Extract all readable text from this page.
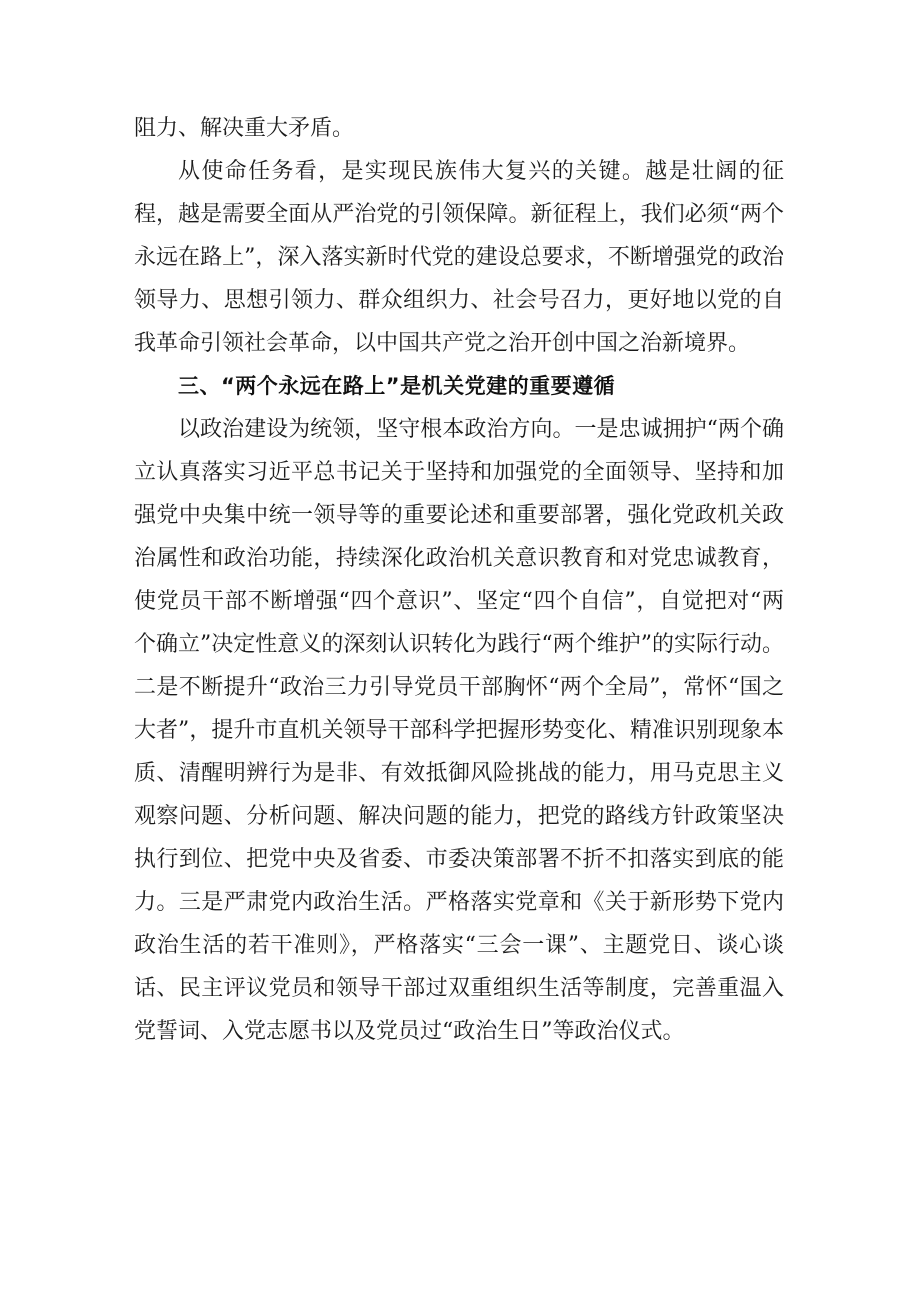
阻力、解决重大矛盾。

从使命任务看，是实现民族伟大复兴的关键。越是壮阔的征程，越是需要全面从严治党的引领保障。新征程上，我们必须“两个永远在路上”，深入落实新时代党的建设总要求，不断增强党的政治领导力、思想引领力、群众组织力、社会号召力，更好地以党的自我革命引领社会革命，以中国共产党之治开创中国之治新境界。

三、“两个永远在路上”是机关党建的重要遵循

以政治建设为统领，坚守根本政治方向。一是忠诚拥护“两个确立认真落实习近平总书记关于坚持和加强党的全面领导、坚持和加强党中央集中统一领导等的重要论述和重要部署，强化党政机关政治属性和政治功能，持续深化政治机关意识教育和对党忠诚教育，使党员干部不断增强“四个意识”、坚定“四个自信”，自觉把对“两个确立”决定性意义的深刻认识转化为践行“两个维护”的实际行动。二是不断提升“政治三力引导党员干部胸怀“两个全局”，常怀“国之大者”，提升市直机关领导干部科学把握形势变化、精准识别现象本质、清醒明辨行为是非、有效抵御风险挑战的能力，用马克思主义观察问题、分析问题、解决问题的能力，把党的路线方针政策坚决执行到位、把党中央及省委、市委决策部署不折不扣落实到底的能力。三是严肃党内政治生活。严格落实党章和《关于新形势下党内政治生活的若干准则》，严格落实“三会一课”、主题党日、谈心谈话、民主评议党员和领导干部过双重组织生活等制度，完善重温入党誓词、入党志愿书以及党员过“政治生日”等政治仪式。
